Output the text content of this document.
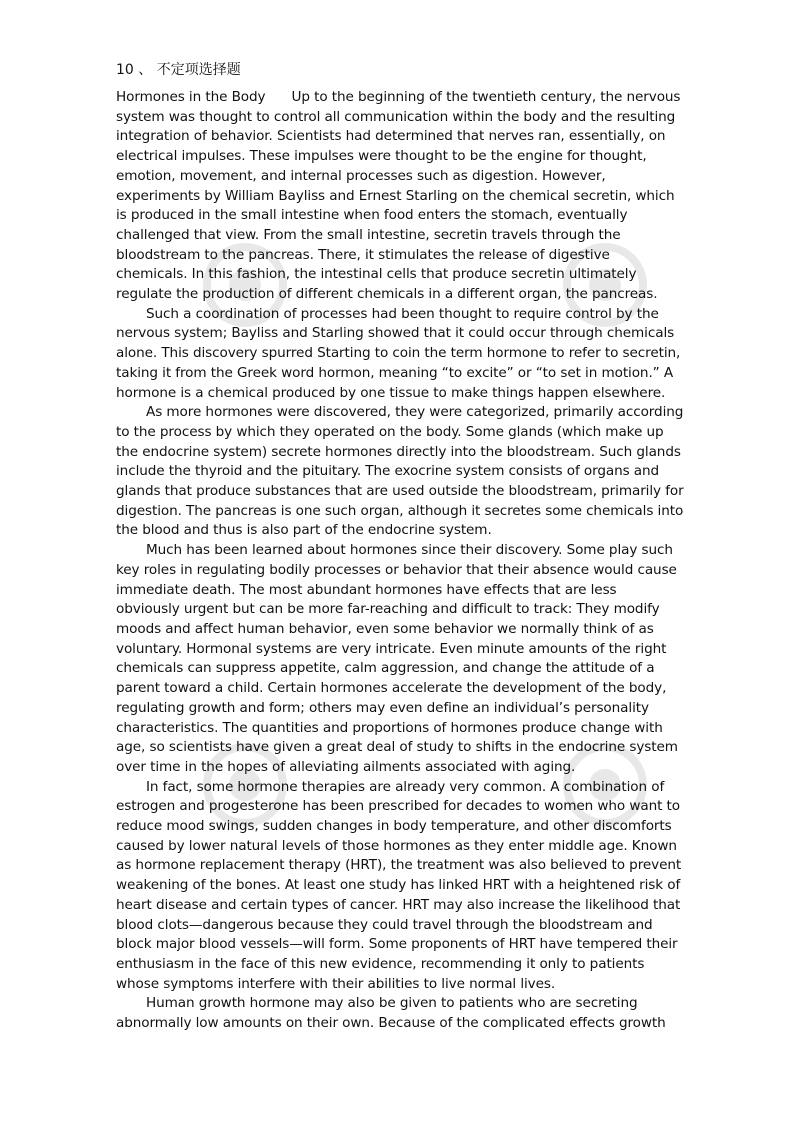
10 、 不定项选择题

Hormones in the Body Up to the beginning of the twentieth century, the nervous system was thought to control all communication within the body and the resulting integration of behavior. Scientists had determined that nerves ran, essentially, on electrical impulses. These impulses were thought to be the engine for thought, emotion, movement, and internal processes such as digestion. However, experiments by William Bayliss and Ernest Starling on the chemical secretin, which is produced in the small intestine when food enters the stomach, eventually challenged that view. From the small intestine, secretin travels through the bloodstream to the pancreas. There, it stimulates the release of digestive chemicals. In this fashion, the intestinal cells that produce secretin ultimately regulate the production of different chemicals in a different organ, the pancreas.

Such a coordination of processes had been thought to require control by the nervous system; Bayliss and Starling showed that it could occur through chemicals alone. This discovery spurred Starting to coin the term hormone to refer to secretin, taking it from the Greek word hormon, meaning “to excite” or “to set in motion.” A hormone is a chemical produced by one tissue to make things happen elsewhere.

As more hormones were discovered, they were categorized, primarily according to the process by which they operated on the body. Some glands (which make up the endocrine system) secrete hormones directly into the bloodstream. Such glands include the thyroid and the pituitary. The exocrine system consists of organs and glands that produce substances that are used outside the bloodstream, primarily for digestion. The pancreas is one such organ, although it secretes some chemicals into the blood and thus is also part of the endocrine system.

Much has been learned about hormones since their discovery. Some play such key roles in regulating bodily processes or behavior that their absence would cause immediate death. The most abundant hormones have effects that are less obviously urgent but can be more far-reaching and difficult to track: They modify moods and affect human behavior, even some behavior we normally think of as voluntary. Hormonal systems are very intricate. Even minute amounts of the right chemicals can suppress appetite, calm aggression, and change the attitude of a parent toward a child. Certain hormones accelerate the development of the body, regulating growth and form; others may even define an individual’s personality characteristics. The quantities and proportions of hormones produce change with age, so scientists have given a great deal of study to shifts in the endocrine system over time in the hopes of alleviating ailments associated with aging.

In fact, some hormone therapies are already very common. A combination of estrogen and progesterone has been prescribed for decades to women who want to reduce mood swings, sudden changes in body temperature, and other discomforts caused by lower natural levels of those hormones as they enter middle age. Known as hormone replacement therapy (HRT), the treatment was also believed to prevent weakening of the bones. At least one study has linked HRT with a heightened risk of heart disease and certain types of cancer. HRT may also increase the likelihood that blood clots—dangerous because they could travel through the bloodstream and block major blood vessels—will form. Some proponents of HRT have tempered their enthusiasm in the face of this new evidence, recommending it only to patients whose symptoms interfere with their abilities to live normal lives.

Human growth hormone may also be given to patients who are secreting abnormally low amounts on their own. Because of the complicated effects growth
